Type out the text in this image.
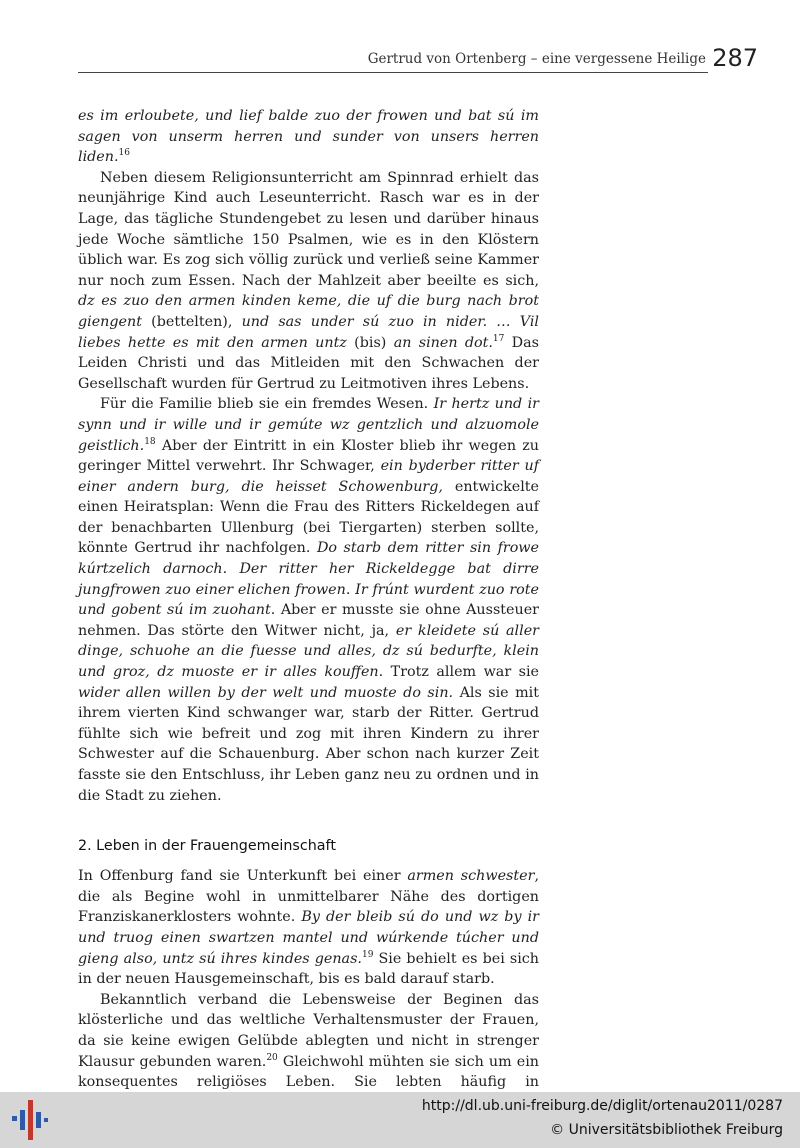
Gertrud von Ortenberg – eine vergessene Heilige 287

es im erloubete, und lief balde zuo der frowen und bat sú im sagen von unserm herren und sunder von unsers herren liden.$^{16}$

Neben diesem Religionsunterricht am Spinnrad erhielt das neunjährige Kind auch Leseunterricht. Rasch war es in der Lage, das tägliche Stundengebet zu lesen und darüber hinaus jede Woche sämtliche 150 Psalmen, wie es in den Klöstern üblich war. Es zog sich völlig zurück und verließ seine Kammer nur noch zum Essen. Nach der Mahlzeit aber beeilte es sich, dz es zuo den armen kinden keme, die uf die burg nach brot giengent (bettelten), und sas under sú zuo in nider. … Vil liebes hette es mit den armen untz (bis) an sinen dot.$^{17}$ Das Leiden Christi und das Mitleiden mit den Schwachen der Gesellschaft wurden für Gertrud zu Leitmotiven ihres Lebens.

Für die Familie blieb sie ein fremdes Wesen. Ir hertz und ir synn und ir wille und ir gemúte wz gentzlich und alzuomole geistlich.$^{18}$ Aber der Eintritt in ein Kloster blieb ihr wegen zu geringer Mittel verwehrt. Ihr Schwager, ein byderber ritter uf einer andern burg, die heisset Schowenburg, entwickelte einen Heiratsplan: Wenn die Frau des Ritters Rickeldegen auf der benachbarten Ullenburg (bei Tiergarten) sterben sollte, könnte Gertrud ihr nachfolgen. Do starb dem ritter sin frowe kúrtzelich darnoch. Der ritter her Rickeldegge bat dirre jungfrowen zuo einer elichen frowen. Ir frúnt wurdent zuo rote und gobent sú im zuohant. Aber er musste sie ohne Aussteuer nehmen. Das störte den Witwer nicht, ja, er kleidete sú aller dinge, schuohe an die fuesse und alles, dz sú bedurfte, klein und groz, dz muoste er ir alles kouffen. Trotz allem war sie wider allen willen by der welt und muoste do sin. Als sie mit ihrem vierten Kind schwanger war, starb der Ritter. Gertrud fühlte sich wie befreit und zog mit ihren Kindern zu ihrer Schwester auf die Schauenburg. Aber schon nach kurzer Zeit fasste sie den Entschluss, ihr Leben ganz neu zu ordnen und in die Stadt zu ziehen.

2. Leben in der Frauengemeinschaft

In Offenburg fand sie Unterkunft bei einer armen schwester, die als Begine wohl in unmittelbarer Nähe des dortigen Franziskanerklosters wohnte. By der bleib sú do und wz by ir und truog einen swartzen mantel und wúrkende túcher und gieng also, untz sú ihres kindes genas.$^{19}$ Sie behielt es bei sich in der neuen Hausgemeinschaft, bis es bald darauf starb.

Bekanntlich verband die Lebensweise der Beginen das klösterliche und das weltliche Verhaltensmuster der Frauen, da sie keine ewigen Gelübde ablegten und nicht in strenger Klausur gebunden waren.$^{20}$ Gleichwohl mühten sie sich um ein konsequentes religiöses Leben. Sie lebten häufig in

http://dl.ub.uni-freiburg.de/diglit/ortenau2011/0287
© Universitätsbibliothek Freiburg
